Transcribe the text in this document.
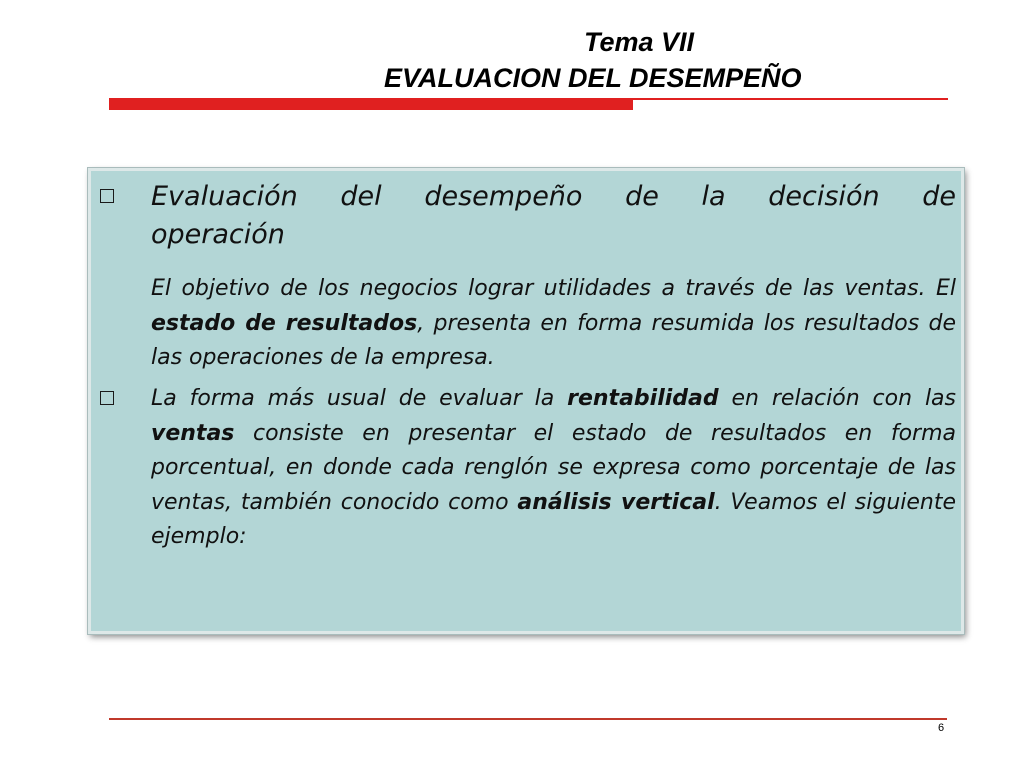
Tema VII
EVALUACION DEL DESEMPEÑO
Evaluación del desempeño de la decisión de operación
El objetivo de los negocios lograr utilidades a través de las ventas. El estado de resultados, presenta en forma resumida los resultados de las operaciones de la empresa.
La forma más usual de evaluar la rentabilidad en relación con las ventas consiste en presentar el estado de resultados en forma porcentual, en donde cada renglón se expresa como porcentaje de las ventas, también conocido como análisis vertical. Veamos el siguiente ejemplo:
6
